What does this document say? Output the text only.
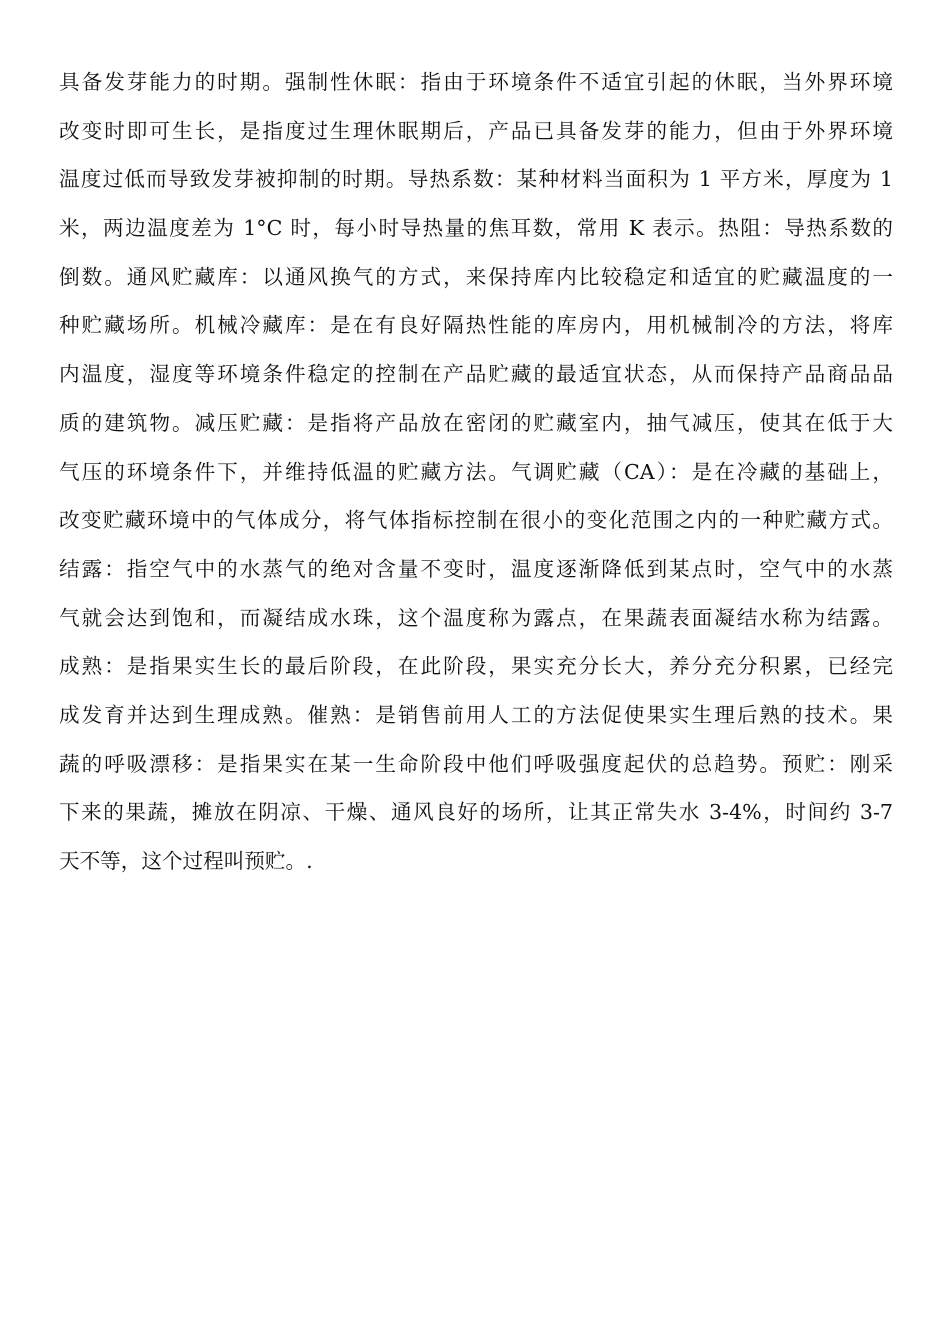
具备发芽能力的时期。强制性休眠：指由于环境条件不适宜引起的休眠，当外界环境
改变时即可生长，是指度过生理休眠期后，产品已具备发芽的能力，但由于外界环境
温度过低而导致发芽被抑制的时期。导热系数：某种材料当面积为 1 平方米，厚度为 1
米，两边温度差为 1°C 时，每小时导热量的焦耳数，常用 K 表示。热阻：导热系数的
倒数。通风贮藏库：以通风换气的方式，来保持库内比较稳定和适宜的贮藏温度的一
种贮藏场所。机械冷藏库：是在有良好隔热性能的库房内，用机械制冷的方法，将库
内温度，湿度等环境条件稳定的控制在产品贮藏的最适宜状态，从而保持产品商品品
质的建筑物。减压贮藏：是指将产品放在密闭的贮藏室内，抽气减压，使其在低于大
气压的环境条件下，并维持低温的贮藏方法。气调贮藏（CA）：是在冷藏的基础上，
改变贮藏环境中的气体成分，将气体指标控制在很小的变化范围之内的一种贮藏方式。
结露：指空气中的水蒸气的绝对含量不变时，温度逐渐降低到某点时，空气中的水蒸
气就会达到饱和，而凝结成水珠，这个温度称为露点，在果蔬表面凝结水称为结露。
成熟：是指果实生长的最后阶段，在此阶段，果实充分长大，养分充分积累，已经完
成发育并达到生理成熟。催熟：是销售前用人工的方法促使果实生理后熟的技术。果
蔬的呼吸漂移：是指果实在某一生命阶段中他们呼吸强度起伏的总趋势。预贮：刚采
下来的果蔬，摊放在阴凉、干燥、通风良好的场所，让其正常失水 3-4%，时间约 3-7
天不等，这个过程叫预贮。.
